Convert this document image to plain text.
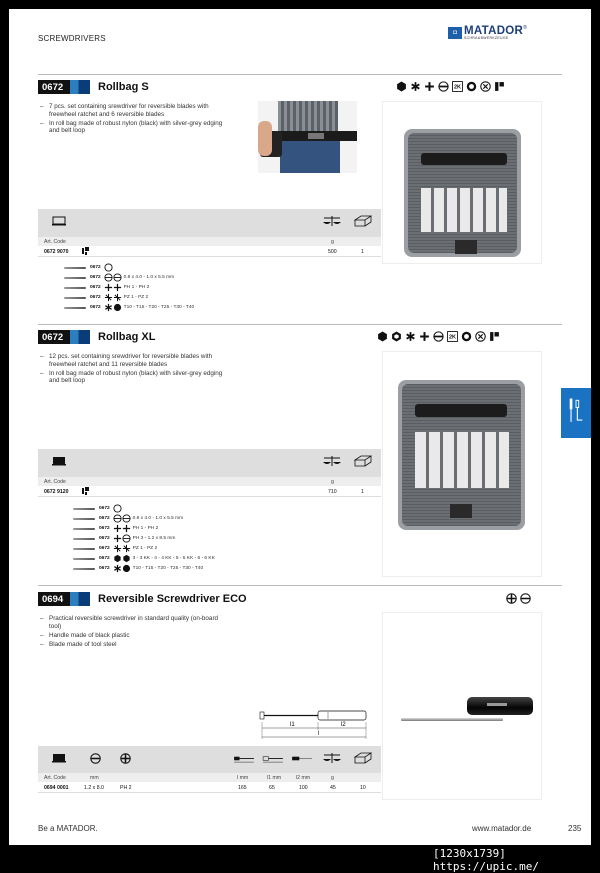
SCREWDRIVERS
◘ MATADOR ®
SCHRAUBWERKZEUGE
0672	Rollbag S	2K
– 7 pcs. set containing srewdriver for reversible blades with freewheel ratchet and 6 reversible blades
– In roll bag made of robust nylon (black) with silver-grey edging and belt loop
Art. Code	g
0672 9070	500	1
0672
0672	0.8 x 4.0 - 1.0 x 5.5 mm
0672	PH 1 - PH 2
0672	PZ 1 - PZ 2
0672	T10 - T15 - T20 - T25 - T30 - T40
0672	Rollbag XL	2K
– 12 pcs. set containing srewdriver for reversible blades with freewheel ratchet and 11 reversible blades
– In roll bag made of robust nylon (black) with silver-grey edging and belt loop
Art. Code	g
0672 9120	710	1
0672
0672	0.8 x 4.0 - 1.0 x 5.5 mm
0672	PH 1 - PH 2
0672	PH 3 - 1.2 x 8.5 mm
0672	PZ 1 - PZ 2
0672	3 - 3 KK - 4 - 4 KK - 5 - 5 KK - 6 - 6 KK
0672	T10 - T15 - T20 - T25 - T30 - T40
0694	Reversible Screwdriver ECO
– Practical reversible screwdriver in standard quality (on-board tool)
– Handle made of black plastic
– Blade made of tool steel
l1	l2
l
Art. Code	mm	l mm	l1 mm	l2 mm	g
0694 0001	1.2 x 8.0	PH 2	165	65	100	45	10
Be a MATADOR.	www.matador.de	235
[1230x1739] https://upic.me/
